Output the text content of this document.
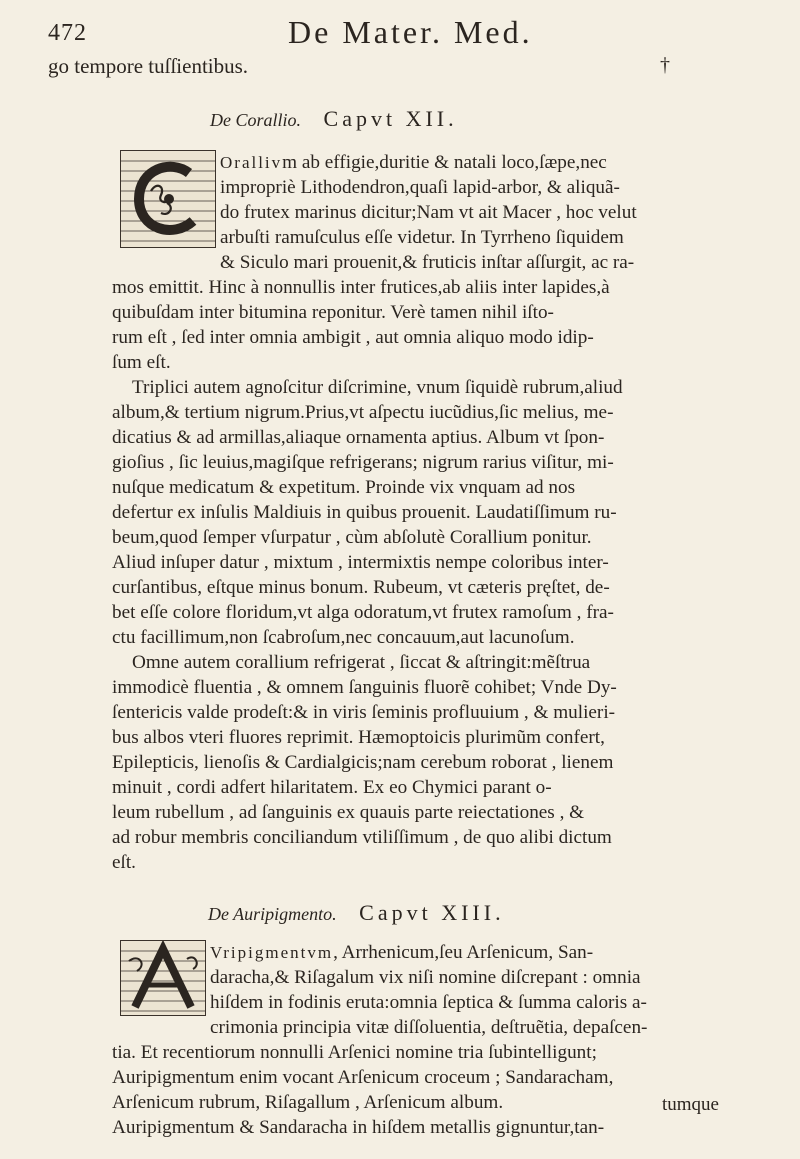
472	De Mater. Med.
go tempore tuſſientibus.	†
De Corallio. Capvt XII.
Orallivm ab effigie,duritie & natali loco,ſæpe,nec
impropriè Lithodendron,quaſi lapid-arbor, & aliquã-
do frutex marinus dicitur;Nam vt ait Macer , hoc velut
arbuſti ramuſculus eſſe videtur. In Tyrrheno ſiquidem
& Siculo mari prouenit,& fruticis inſtar aſſurgit, ac ra-
mos emittit. Hinc à nonnullis inter frutices,ab aliis inter lapides,à
quibuſdam inter bitumina reponitur. Verè tamen nihil iſto-
rum eſt , ſed inter omnia ambigit , aut omnia aliquo modo idip-
ſum eſt.
Triplici autem agnoſcitur diſcrimine, vnum ſiquidè rubrum,aliud
album,& tertium nigrum.Prius,vt aſpectu iucũdius,ſic melius, me-
dicatius & ad armillas,aliaque ornamenta aptius. Album vt ſpon-
gioſius , ſic leuius,magiſque refrigerans; nigrum rarius viſitur, mi-
nuſque medicatum & expetitum. Proinde vix vnquam ad nos
defertur ex inſulis Maldiuis in quibus prouenit. Laudatiſſimum ru-
beum,quod ſemper vſurpatur , cùm abſolutè Corallium ponitur.
Aliud inſuper datur , mixtum , intermixtis nempe coloribus inter-
curſantibus, eſtque minus bonum. Rubeum, vt cæteris pręſtet, de-
bet eſſe colore floridum,vt alga odoratum,vt frutex ramoſum , fra-
ctu facillimum,non ſcabroſum,nec concauum,aut lacunoſum.
Omne autem corallium refrigerat , ſiccat & aſtringit:mẽſtrua
immodicè fluentia , & omnem ſanguinis fluorẽ cohibet; Vnde Dy-
ſentericis valde prodeſt:& in viris ſeminis profluuium , & mulieri-
bus albos vteri fluores reprimit. Hæmoptoicis plurimũm confert,
Epilepticis, lienoſis & Cardialgicis;nam cerebum roborat , lienem
minuit , cordi adfert hilaritatem. Ex eo Chymici parant o-
leum rubellum , ad ſanguinis ex quauis parte reiectationes , &
ad robur membris conciliandum vtiliſſimum , de quo alibi dictum
eſt.
De Auripigmento. Capvt XIII.
Vripigmentvm, Arrhenicum,ſeu Arſenicum, San-
daracha,& Riſagalum vix niſi nomine diſcrepant : omnia
hiſdem in fodinis eruta:omnia ſeptica & ſumma caloris a-
crimonia principia vitæ diſſoluentia, deſtruẽtia, depaſcen-
tia. Et recentiorum nonnulli Arſenici nomine tria ſubintelligunt;
Auripigmentum enim vocant Arſenicum croceum ; Sandaracham,
Arſenicum rubrum, Riſagallum , Arſenicum album.
Auripigmentum & Sandaracha in hiſdem metallis gignuntur,tan-
tumque
